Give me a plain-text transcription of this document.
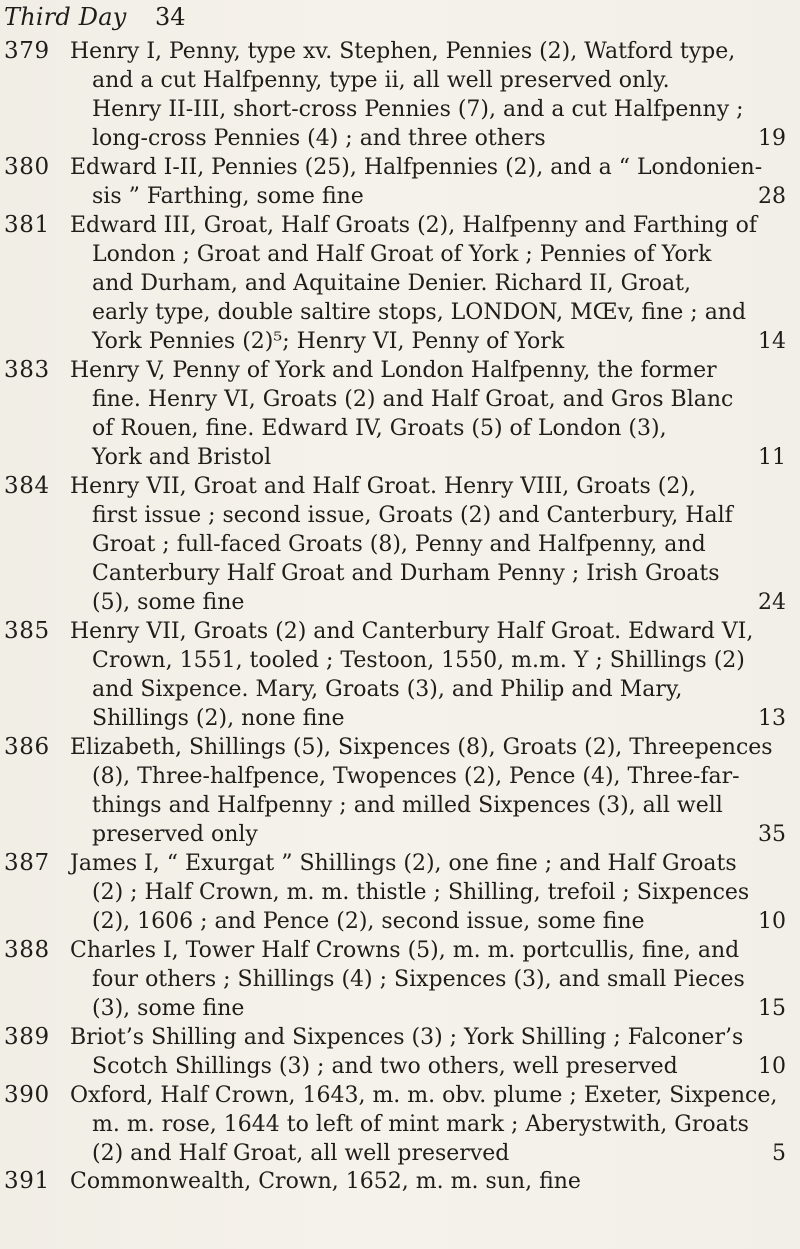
Third Day 34
379 Henry I, Penny, type xv. Stephen, Pennies (2), Watford type,
and a cut Halfpenny, type ii, all well preserved only.
Henry II-III, short-cross Pennies (7), and a cut Halfpenny ;
long-cross Pennies (4) ; and three others	19
380 Edward I-II, Pennies (25), Halfpennies (2), and a “ Londonien-
sis ” Farthing, some fine	28
381 Edward III, Groat, Half Groats (2), Halfpenny and Farthing of
London ; Groat and Half Groat of York ; Pennies of York
and Durham, and Aquitaine Denier. Richard II, Groat,
early type, double saltire stops, LONDON, MŒv, fine ; and
York Pennies (2)⁵; Henry VI, Penny of York	14
383 Henry V, Penny of York and London Halfpenny, the former
fine. Henry VI, Groats (2) and Half Groat, and Gros Blanc
of Rouen, fine. Edward IV, Groats (5) of London (3),
York and Bristol	11
384 Henry VII, Groat and Half Groat. Henry VIII, Groats (2),
first issue ; second issue, Groats (2) and Canterbury, Half
Groat ; full-faced Groats (8), Penny and Halfpenny, and
Canterbury Half Groat and Durham Penny ; Irish Groats
(5), some fine	24
385 Henry VII, Groats (2) and Canterbury Half Groat. Edward VI,
Crown, 1551, tooled ; Testoon, 1550, m.m. Y ; Shillings (2)
and Sixpence. Mary, Groats (3), and Philip and Mary,
Shillings (2), none fine	13
386 Elizabeth, Shillings (5), Sixpences (8), Groats (2), Threepences
(8), Three-halfpence, Twopences (2), Pence (4), Three-far-
things and Halfpenny ; and milled Sixpences (3), all well
preserved only	35
387 James I, “ Exurgat ” Shillings (2), one fine ; and Half Groats
(2) ; Half Crown, m. m. thistle ; Shilling, trefoil ; Sixpences
(2), 1606 ; and Pence (2), second issue, some fine	10
388 Charles I, Tower Half Crowns (5), m. m. portcullis, fine, and
four others ; Shillings (4) ; Sixpences (3), and small Pieces
(3), some fine	15
389 Briot’s Shilling and Sixpences (3) ; York Shilling ; Falconer’s
Scotch Shillings (3) ; and two others, well preserved	10
390 Oxford, Half Crown, 1643, m. m. obv. plume ; Exeter, Sixpence,
m. m. rose, 1644 to left of mint mark ; Aberystwith, Groats
(2) and Half Groat, all well preserved	5
391 Commonwealth, Crown, 1652, m. m. sun, fine
